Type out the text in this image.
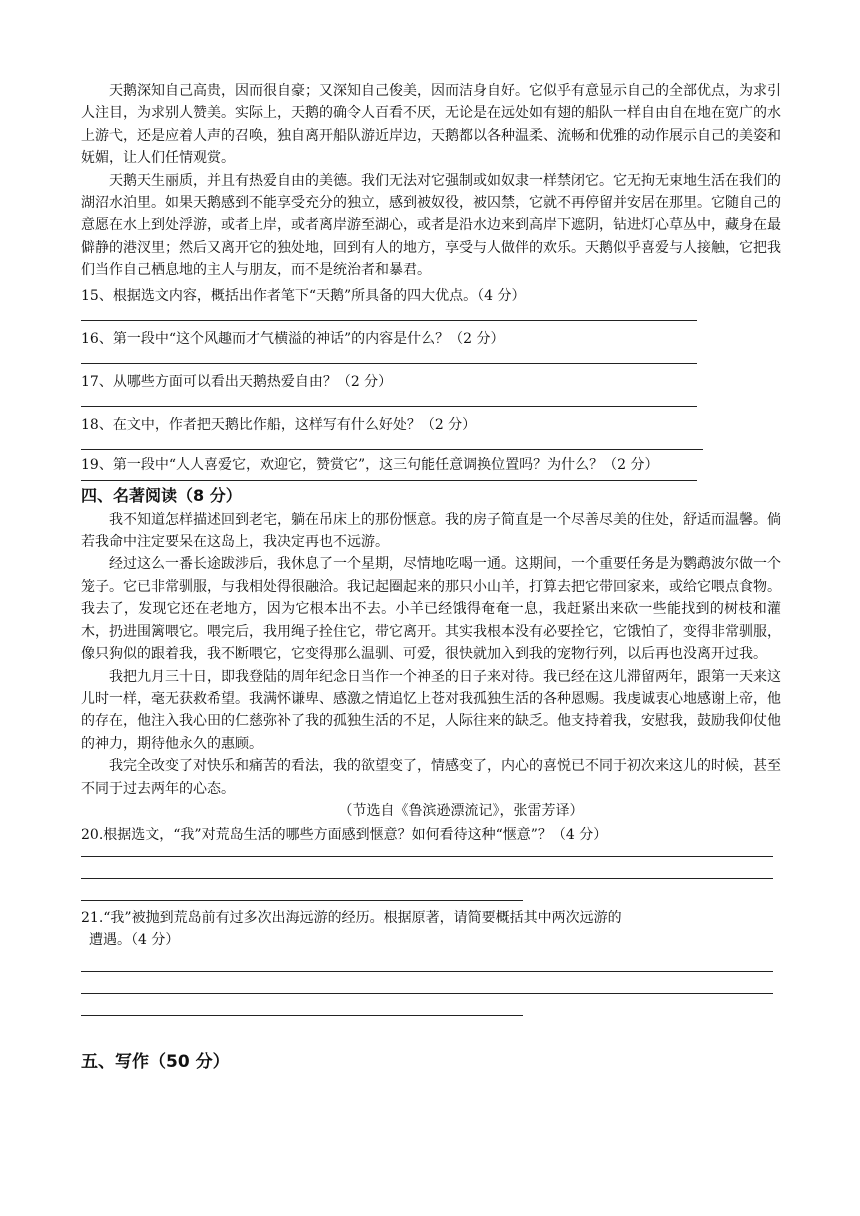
天鹅深知自己高贵，因而很自豪；又深知自己俊美，因而洁身自好。它似乎有意显示自己的全部优点，为求引人注目，为求别人赞美。实际上，天鹅的确令人百看不厌，无论是在远处如有翅的船队一样自由自在地在宽广的水上游弋，还是应着人声的召唤，独自离开船队游近岸边，天鹅都以各种温柔、流畅和优雅的动作展示自己的美姿和妩媚，让人们任情观赏。

天鹅天生丽质，并且有热爱自由的美德。我们无法对它强制或如奴隶一样禁闭它。它无拘无束地生活在我们的湖沼水泊里。如果天鹅感到不能享受充分的独立，感到被奴役，被囚禁，它就不再停留并安居在那里。它随自己的意愿在水上到处浮游，或者上岸，或者离岸游至湖心，或者是沿水边来到高岸下遮阴，钻进灯心草丛中，藏身在最僻静的港汊里；然后又离开它的独处地，回到有人的地方，享受与人做伴的欢乐。天鹅似乎喜爱与人接触，它把我们当作自己栖息地的主人与朋友，而不是统治者和暴君。

15、根据选文内容，概括出作者笔下“天鹅”所具备的四大优点。（4 分）

16、第一段中“这个风趣而才气横溢的神话”的内容是什么？（2 分）

17、从哪些方面可以看出天鹅热爱自由？（2 分）

18、在文中，作者把天鹅比作船，这样写有什么好处？（2 分）

19、第一段中“人人喜爱它，欢迎它，赞赏它”，这三句能任意调换位置吗？为什么？（2 分）

四、名著阅读（8 分）

我不知道怎样描述回到老宅，躺在吊床上的那份惬意。我的房子简直是一个尽善尽美的住处，舒适而温馨。倘若我命中注定要呆在这岛上，我决定再也不远游。

经过这么一番长途跋涉后，我休息了一个星期，尽情地吃喝一通。这期间，一个重要任务是为鹦鹉波尔做一个笼子。它已非常驯服，与我相处得很融洽。我记起圈起来的那只小山羊，打算去把它带回家来，或给它喂点食物。我去了，发现它还在老地方，因为它根本出不去。小羊已经饿得奄奄一息，我赶紧出来砍一些能找到的树枝和灌木，扔进围篱喂它。喂完后，我用绳子拴住它，带它离开。其实我根本没有必要拴它，它饿怕了，变得非常驯服，像只狗似的跟着我，我不断喂它，它变得那么温驯、可爱，很快就加入到我的宠物行列，以后再也没离开过我。

我把九月三十日，即我登陆的周年纪念日当作一个神圣的日子来对待。我已经在这儿滞留两年，跟第一天来这儿时一样，毫无获救希望。我满怀谦卑、感激之情追忆上苍对我孤独生活的各种恩赐。我虔诚衷心地感谢上帝，他的存在，他注入我心田的仁慈弥补了我的孤独生活的不足，人际往来的缺乏。他支持着我，安慰我，鼓励我仰仗他的神力，期待他永久的惠顾。

我完全改变了对快乐和痛苦的看法，我的欲望变了，情感变了，内心的喜悦已不同于初次来这儿的时候，甚至不同于过去两年的心态。

（节选自《鲁滨逊漂流记》，张雷芳译）

20.根据选文，“我”对荒岛生活的哪些方面感到惬意？如何看待这种“惬意”？（4 分）

21.“我”被抛到荒岛前有过多次出海远游的经历。根据原著，请简要概括其中两次远游的

遭遇。（4 分）

五、写作（50 分）
